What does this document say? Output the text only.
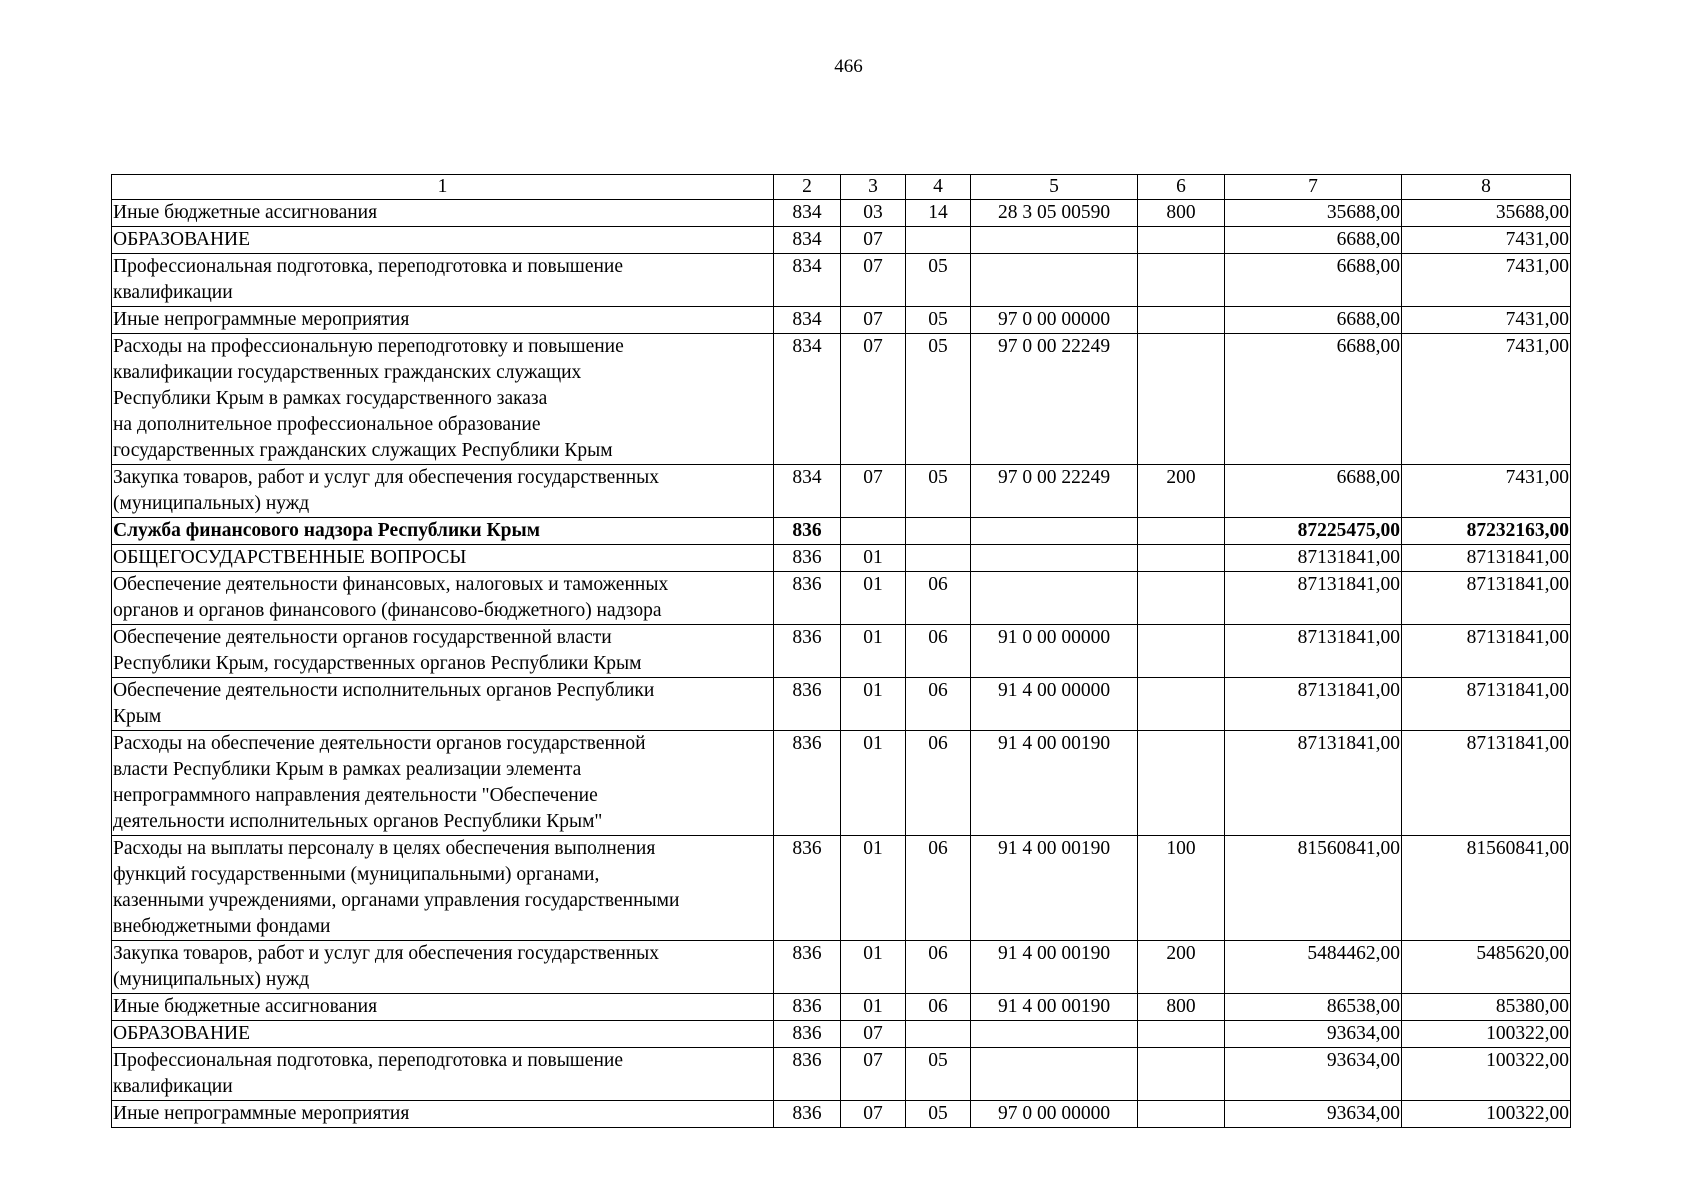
466
1	2	3	4	5	6	7	8
Иные бюджетные ассигнования	834	03	14	28 3 05 00590	800	35688,00	35688,00
ОБРАЗОВАНИЕ	834	07				6688,00	7431,00
Профессиональная подготовка, переподготовка и повышение
квалификации	834	07	05			6688,00	7431,00
Иные непрограммные мероприятия	834	07	05	97 0 00 00000		6688,00	7431,00
Расходы на профессиональную переподготовку и повышение
квалификации государственных гражданских служащих
Республики Крым в рамках государственного заказа
на дополнительное профессиональное образование
государственных гражданских служащих Республики Крым	834	07	05	97 0 00 22249		6688,00	7431,00
Закупка товаров, работ и услуг для обеспечения государственных
(муниципальных) нужд	834	07	05	97 0 00 22249	200	6688,00	7431,00
Служба финансового надзора Республики Крым	836					87225475,00	87232163,00
ОБЩЕГОСУДАРСТВЕННЫЕ ВОПРОСЫ	836	01				87131841,00	87131841,00
Обеспечение деятельности финансовых, налоговых и таможенных
органов и органов финансового (финансово-бюджетного) надзора	836	01	06			87131841,00	87131841,00
Обеспечение деятельности органов государственной власти
Республики Крым, государственных органов Республики Крым	836	01	06	91 0 00 00000		87131841,00	87131841,00
Обеспечение деятельности исполнительных органов Республики
Крым	836	01	06	91 4 00 00000		87131841,00	87131841,00
Расходы на обеспечение деятельности органов государственной
власти Республики Крым в рамках реализации элемента
непрограммного направления деятельности "Обеспечение
деятельности исполнительных органов Республики Крым"	836	01	06	91 4 00 00190		87131841,00	87131841,00
Расходы на выплаты персоналу в целях обеспечения выполнения
функций государственными (муниципальными) органами,
казенными учреждениями, органами управления государственными
внебюджетными фондами	836	01	06	91 4 00 00190	100	81560841,00	81560841,00
Закупка товаров, работ и услуг для обеспечения государственных
(муниципальных) нужд	836	01	06	91 4 00 00190	200	5484462,00	5485620,00
Иные бюджетные ассигнования	836	01	06	91 4 00 00190	800	86538,00	85380,00
ОБРАЗОВАНИЕ	836	07				93634,00	100322,00
Профессиональная подготовка, переподготовка и повышение
квалификации	836	07	05			93634,00	100322,00
Иные непрограммные мероприятия	836	07	05	97 0 00 00000		93634,00	100322,00
